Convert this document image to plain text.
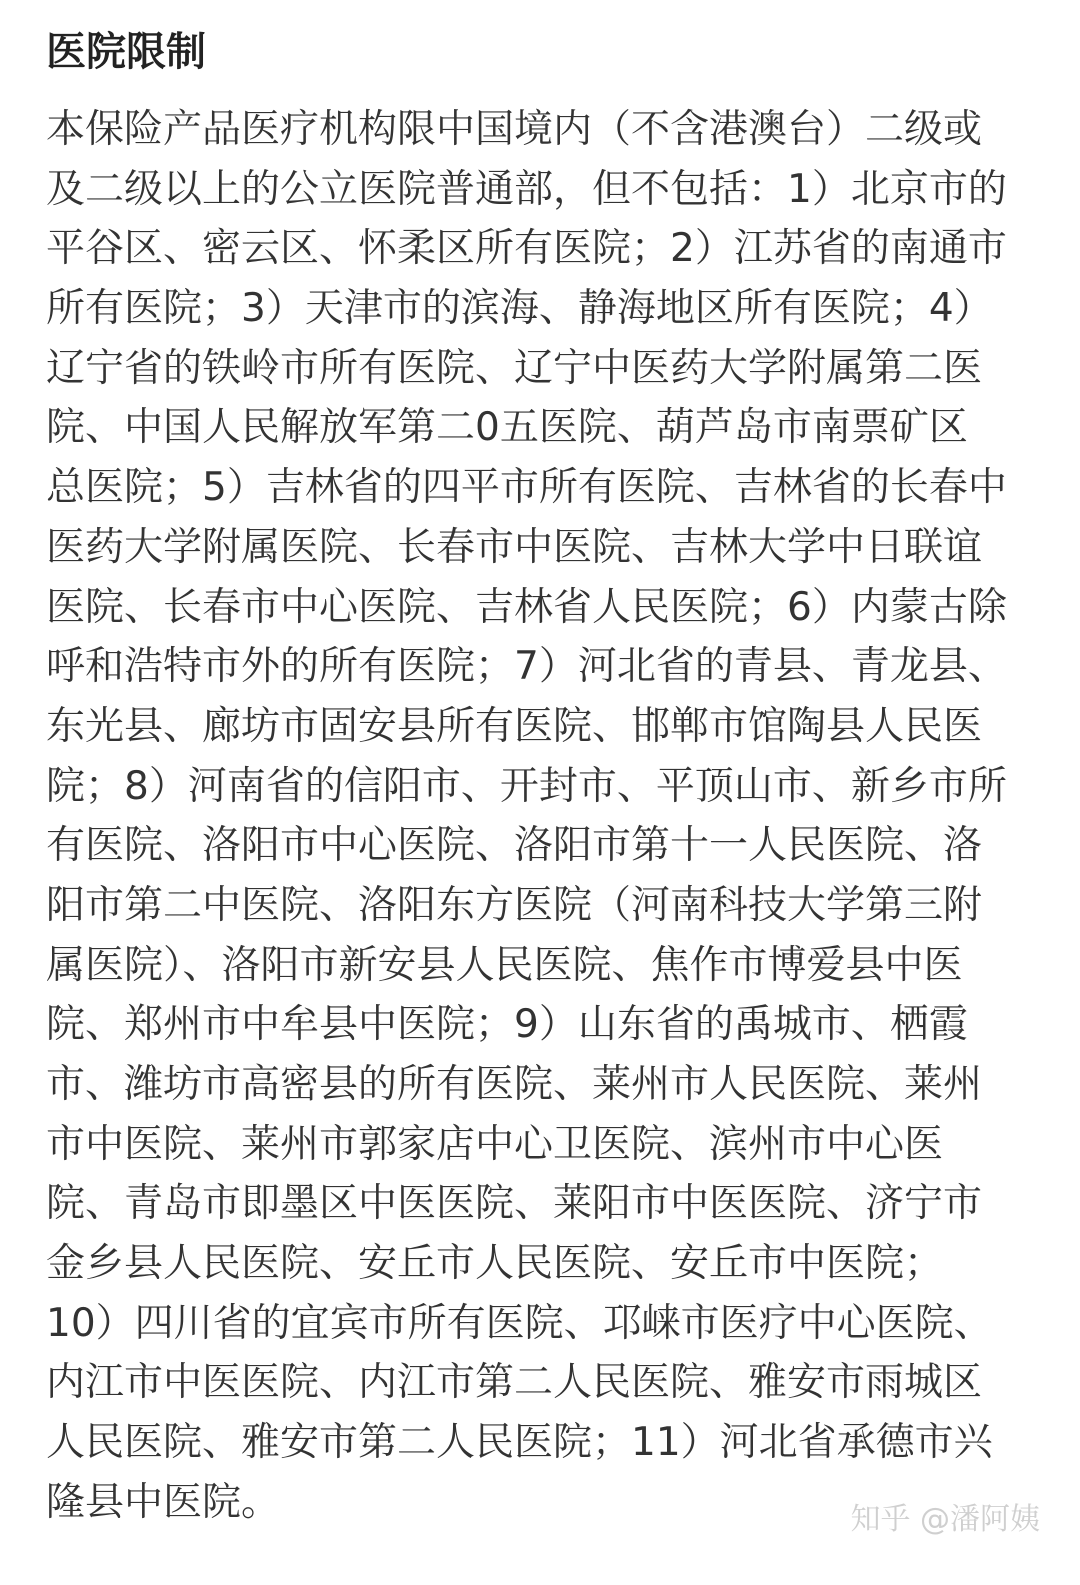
医院限制
本保险产品医疗机构限中国境内（不含港澳台）二级或
及二级以上的公立医院普通部，但不包括：1）北京市的
平谷区、密云区、怀柔区所有医院；2）江苏省的南通市
所有医院；3）天津市的滨海、静海地区所有医院；4）
辽宁省的铁岭市所有医院、辽宁中医药大学附属第二医
院、中国人民解放军第二0五医院、葫芦岛市南票矿区
总医院；5）吉林省的四平市所有医院、吉林省的长春中
医药大学附属医院、长春市中医院、吉林大学中日联谊
医院、长春市中心医院、吉林省人民医院；6）内蒙古除
呼和浩特市外的所有医院；7）河北省的青县、青龙县、
东光县、廊坊市固安县所有医院、邯郸市馆陶县人民医
院；8）河南省的信阳市、开封市、平顶山市、新乡市所
有医院、洛阳市中心医院、洛阳市第十一人民医院、洛
阳市第二中医院、洛阳东方医院（河南科技大学第三附
属医院）、洛阳市新安县人民医院、焦作市博爱县中医
院、郑州市中牟县中医院；9）山东省的禹城市、栖霞
市、潍坊市高密县的所有医院、莱州市人民医院、莱州
市中医院、莱州市郭家店中心卫医院、滨州市中心医
院、青岛市即墨区中医医院、莱阳市中医医院、济宁市
金乡县人民医院、安丘市人民医院、安丘市中医院；
10）四川省的宜宾市所有医院、邛崃市医疗中心医院、
内江市中医医院、内江市第二人民医院、雅安市雨城区
人民医院、雅安市第二人民医院；11）河北省承德市兴
隆县中医院。	知乎 @潘阿姨
